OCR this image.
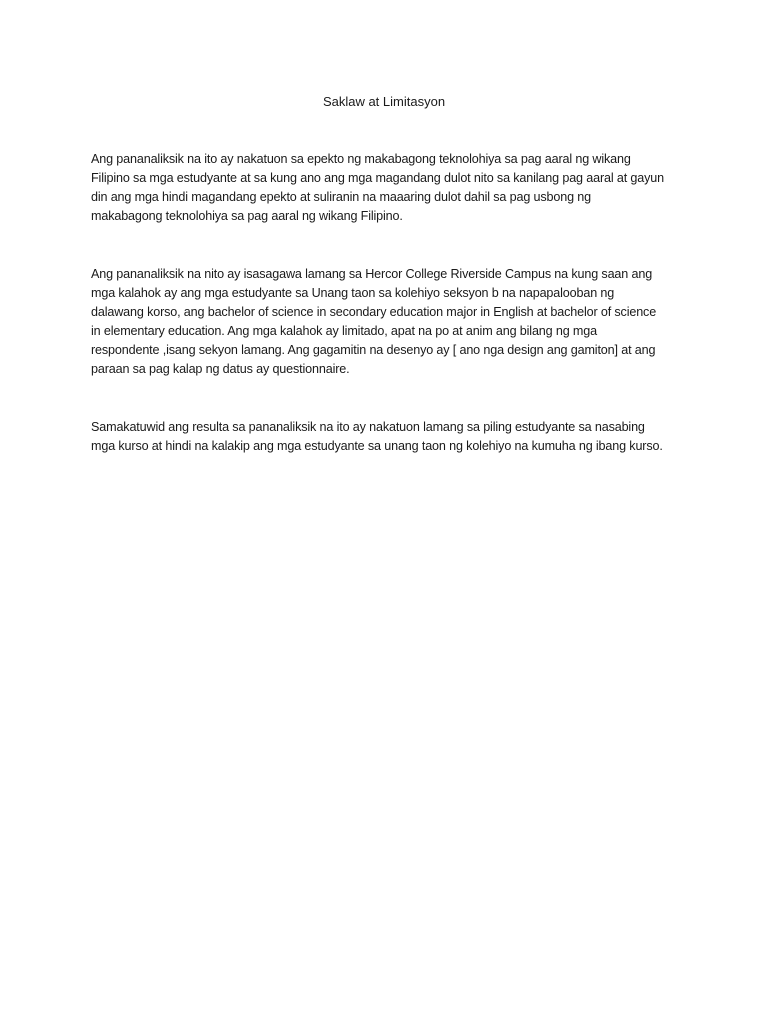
Saklaw at Limitasyon

Ang pananaliksik na ito ay nakatuon sa epekto ng makabagong teknolohiya sa pag aaral ng wikang
Filipino sa mga estudyante at sa kung ano ang mga magandang dulot nito sa kanilang pag aaral at gayun
din ang mga hindi magandang epekto at suliranin na maaaring dulot dahil sa pag usbong ng
makabagong teknolohiya sa pag aaral ng wikang Filipino.

Ang pananaliksik na nito ay isasagawa lamang sa Hercor College Riverside Campus na kung saan ang
mga kalahok ay ang mga estudyante sa Unang taon sa kolehiyo seksyon b na napapalooban ng
dalawang korso, ang bachelor of science in secondary education major in English at bachelor of science
in elementary education. Ang mga kalahok ay limitado, apat na po at anim ang bilang ng mga
respondente ,isang sekyon lamang. Ang gagamitin na desenyo ay [ ano nga design ang gamiton] at ang
paraan sa pag kalap ng datus ay questionnaire.

Samakatuwid ang resulta sa pananaliksik na ito ay nakatuon lamang sa piling estudyante sa nasabing
mga kurso at hindi na kalakip ang mga estudyante sa unang taon ng kolehiyo na kumuha ng ibang kurso.
